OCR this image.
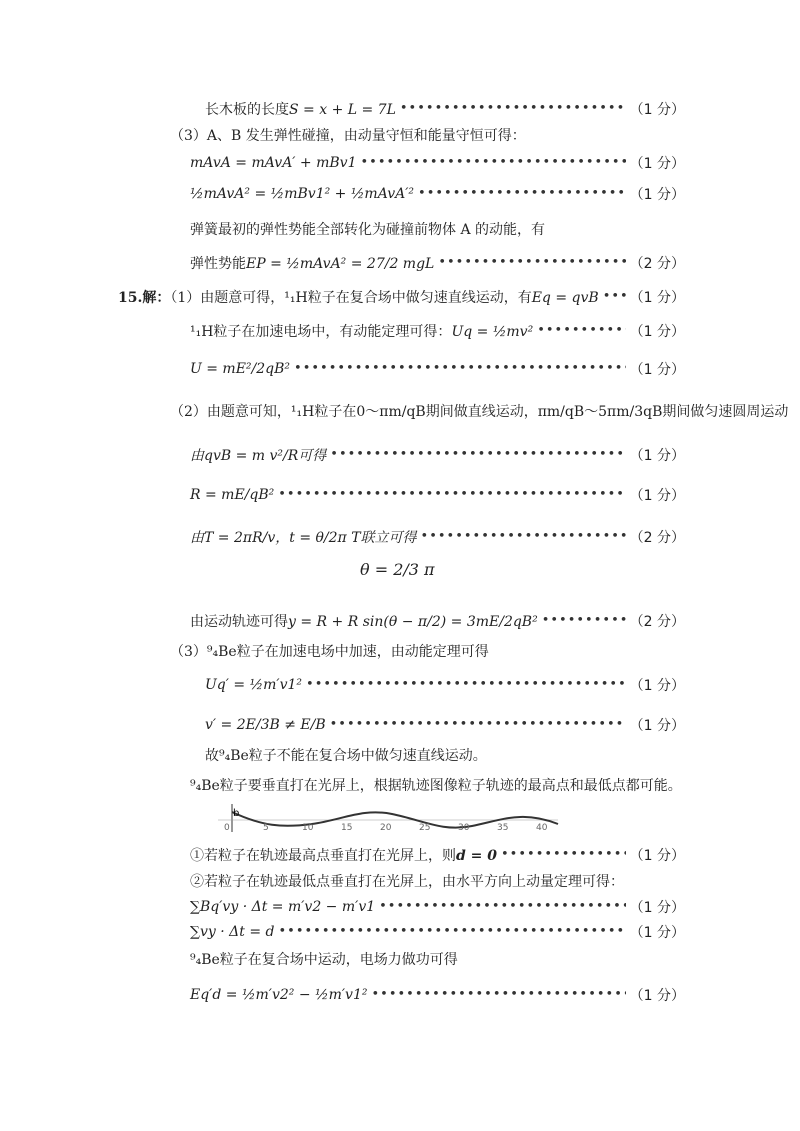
长木板的长度S = x + L = 7L •••••	（1 分）
（3）A、B 发生弹性碰撞，由动量守恒和能量守恒可得：
mAvA = mAvA′ + mBv1 •••••	（1 分）
½mAvA² = ½mBv1² + ½mAvA′² •••••	（1 分）
弹簧最初的弹性势能全部转化为碰撞前物体 A 的动能，有
弹性势能EP = ½mAvA² = 27/2 mgL •••••	（2 分）
15.解：（1）由题意可得，¹₁H粒子在复合场中做匀速直线运动，有Eq = qvB ••••• （1 分）
¹₁H粒子在加速电场中，有动能定理可得：Uq = ½mv² •••••	（1 分）
U = mE²/2qB² •••••	（1 分）
（2）由题意可知，¹₁H粒子在0～πm/qB期间做直线运动，πm/qB～5πm/3qB期间做匀速圆周运动
由qvB = m v²/R可得 •••••	（1 分）
R = mE/qB² •••••	（1 分）
由T = 2πR/v，t = θ/2π T联立可得 •••••	（2 分）
θ = 2/3 π
由运动轨迹可得y = R + R sin(θ − π/2) = 3mE/2qB² •••••	（2 分）
（3）⁹₄Be粒子在加速电场中加速，由动能定理可得
Uq′ = ½m′v1² •••••	（1 分）
v′ = 2E/3B ≠ E/B •••••	（1 分）
故⁹₄Be粒子不能在复合场中做匀速直线运动。
⁹₄Be粒子要垂直打在光屏上，根据轨迹图像粒子轨迹的最高点和最低点都可能。
b
0	5	10	15	20	25	30	35	40
①若粒子在轨迹最高点垂直打在光屏上，则d = 0 •••••	（1 分）
②若粒子在轨迹最低点垂直打在光屏上，由水平方向上动量定理可得：
∑Bq′vy · Δt = m′v2 − m′v1 •••••	（1 分）
∑vy · Δt = d •••••	（1 分）
⁹₄Be粒子在复合场中运动，电场力做功可得
Eq′d = ½m′v2² − ½m′v1² •••••	（1 分）
